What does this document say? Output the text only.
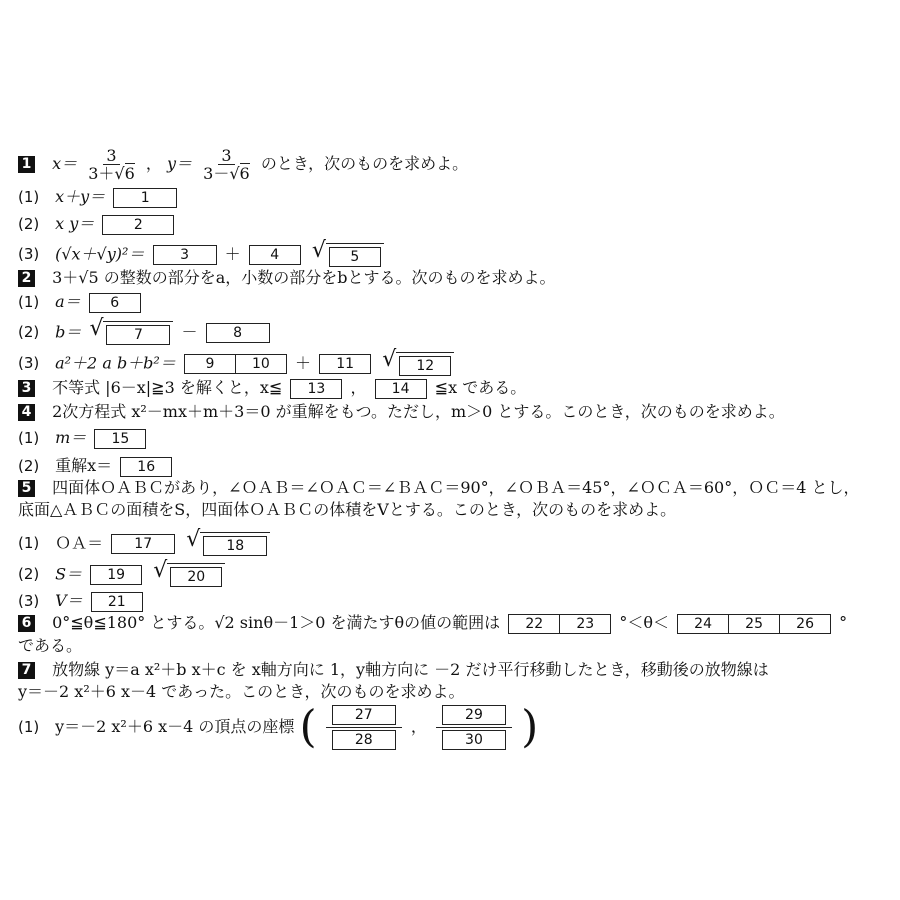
1 $x= \frac{3}{3+√6}$ ， $y= \frac{3}{3-√6}$ のとき，次のものを求めよ。
(1) x＋y＝	1
(2) x y＝	2
(3) (√x＋√y)²＝	3 ＋ 4 √ 5
2 3＋√5 の整数の部分をa，小数の部分をbとする。次のものを求めよ。
(1) a＝ 6
(2) b＝ √ 7 －	8
(3) a²＋2 a b＋b²＝	9	10	＋ 11 √ 12
3 不等式 |6－x|≧3 を解くと，x≦ 13 ， 14 ≦x である。
4 2次方程式 x²－mx＋m＋3＝0 が重解をもつ。ただし，m＞0 とする。このとき，次のものを求めよ。
(1) m＝ 15
(2) 重解x＝ 16
5 四面体ＯＡＢＣがあり，∠ＯＡＢ＝∠ＯＡＣ＝∠ＢＡＣ＝90°，∠ＯＢＡ＝45°，∠ＯＣＡ＝60°，ＯＣ＝4 とし，
底面△ＡＢＣの面積をS，四面体ＯＡＢＣの体積をVとする。このとき，次のものを求めよ。
(1) ＯＡ＝ 17 √ 18
(2) S＝ 19 √ 20
(3) V＝ 21
6 0°≦θ≦180° とする。√2 sinθ－1＞0 を満たすθの値の範囲は	22	23	°＜θ＜	24	25	26	°
である。
7 放物線 y＝a x²＋b x＋c を x軸方向に 1，y軸方向に －2 だけ平行移動したとき，移動後の放物線は
y＝－2 x²＋6 x－4 であった。このとき，次のものを求めよ。
(1) y＝－2 x²＋6 x－4 の頂点の座標 ( $\frac{27}{28}$ ， $\frac{29}{30}$ )
